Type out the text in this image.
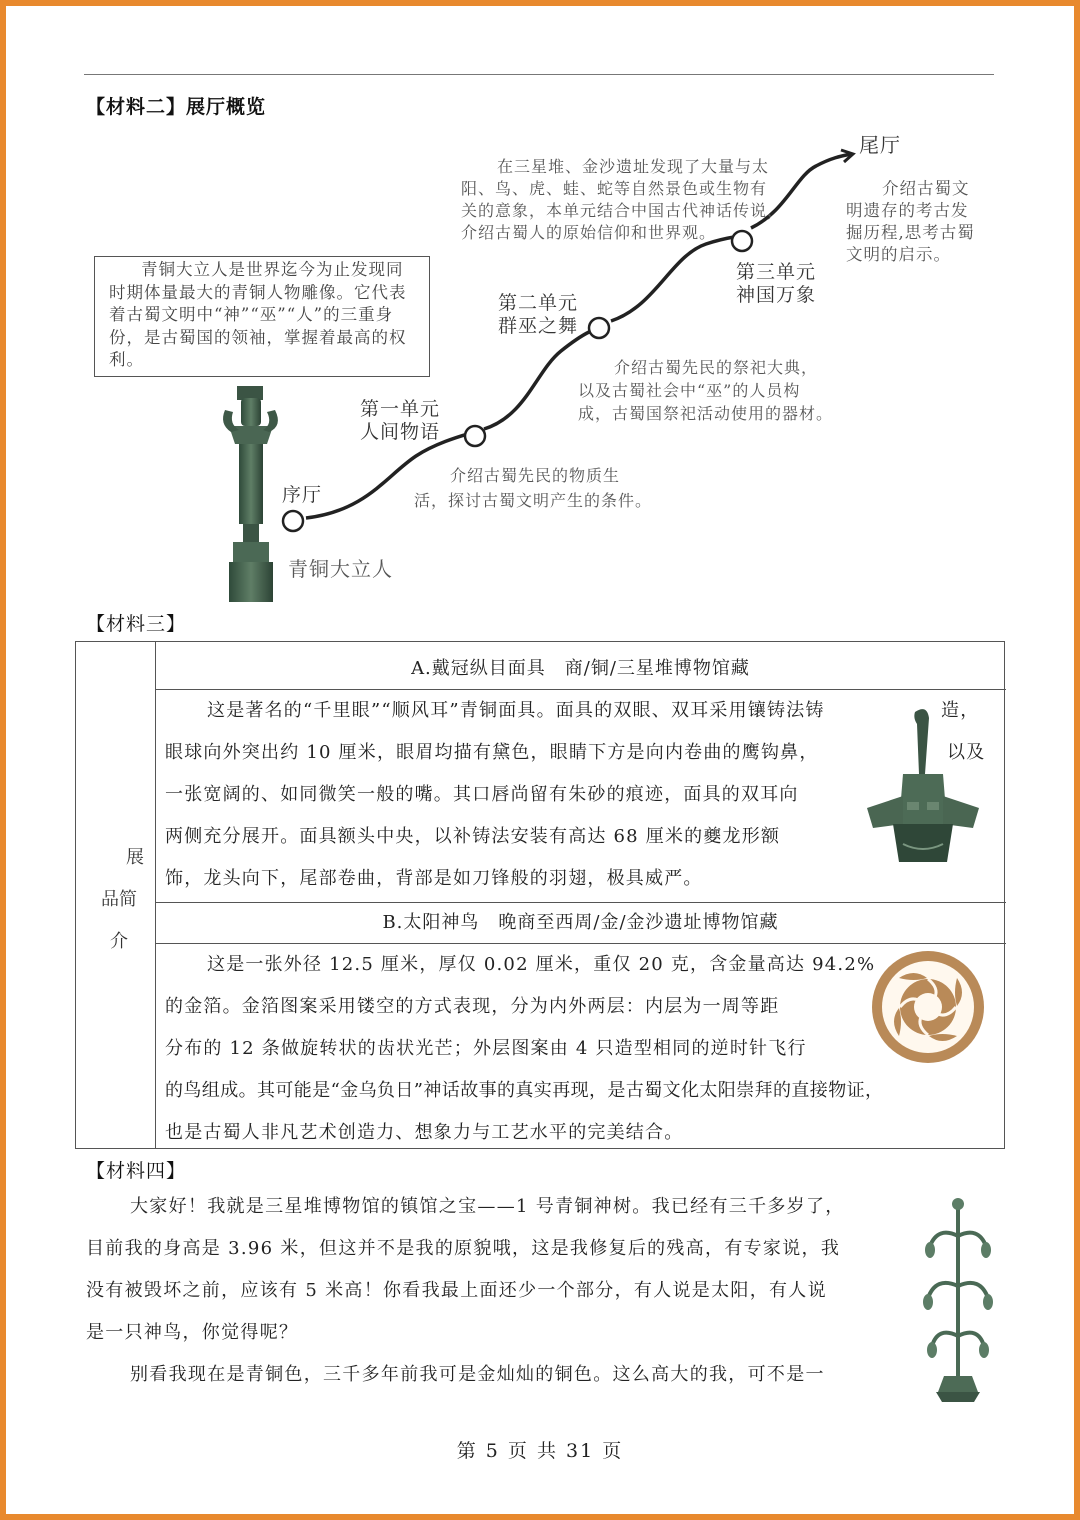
【材料二】展厅概览
青铜大立人
青铜大立人是世界迄今为止发现同时期体量最大的青铜人物雕像。它代表着古蜀文明中“神”“巫”“人”的三重身份，是古蜀国的领袖，掌握着最高的权利。
序厅
第一单元
人间物语
第二单元
群巫之舞
第三单元
神国万象
尾厅
在三星堆、金沙遗址发现了大量与太
阳、鸟、虎、蛙、蛇等自然景色或生物有
关的意象，本单元结合中国古代神话传说，
介绍古蜀人的原始信仰和世界观。
介绍古蜀文
明遗存的考古发
掘历程,思考古蜀
文明的启示。
介绍古蜀先民的祭祀大典，
以及古蜀社会中“巫”的人员构
成，古蜀国祭祀活动使用的器材。
介绍古蜀先民的物质生
活，探讨古蜀文明产生的条件。
【材料三】
展
品简
介
A.戴冠纵目面具　商/铜/三星堆博物馆藏
这是著名的“千里眼”“顺风耳”青铜面具。面具的双眼、双耳采用镶铸法铸
眼球向外突出约 10 厘米，眼眉均描有黛色，眼睛下方是向内卷曲的鹰钩鼻，
一张宽阔的、如同微笑一般的嘴。其口唇尚留有朱砂的痕迹，面具的双耳向
两侧充分展开。面具额头中央，以补铸法安装有高达 68 厘米的夔龙形额
饰，龙头向下，尾部卷曲，背部是如刀锋般的羽翅，极具威严。
造，
以及
B.太阳神鸟　晚商至西周/金/金沙遗址博物馆藏
这是一张外径 12.5 厘米，厚仅 0.02 厘米，重仅 20 克，含金量高达 94.2%
的金箔。金箔图案采用镂空的方式表现，分为内外两层：内层为一周等距
分布的 12 条做旋转状的齿状光芒；外层图案由 4 只造型相同的逆时针飞行
的鸟组成。其可能是“金乌负日”神话故事的真实再现，是古蜀文化太阳崇拜的直接物证，
也是古蜀人非凡艺术创造力、想象力与工艺水平的完美结合。
【材料四】
大家好！我就是三星堆博物馆的镇馆之宝——1 号青铜神树。我已经有三千多岁了，
目前我的身高是 3.96 米，但这并不是我的原貌哦，这是我修复后的残高，有专家说，我
没有被毁坏之前，应该有 5 米高！你看我最上面还少一个部分，有人说是太阳，有人说
是一只神鸟，你觉得呢？
别看我现在是青铜色，三千多年前我可是金灿灿的铜色。这么高大的我，可不是一
第 5 页 共 31 页
